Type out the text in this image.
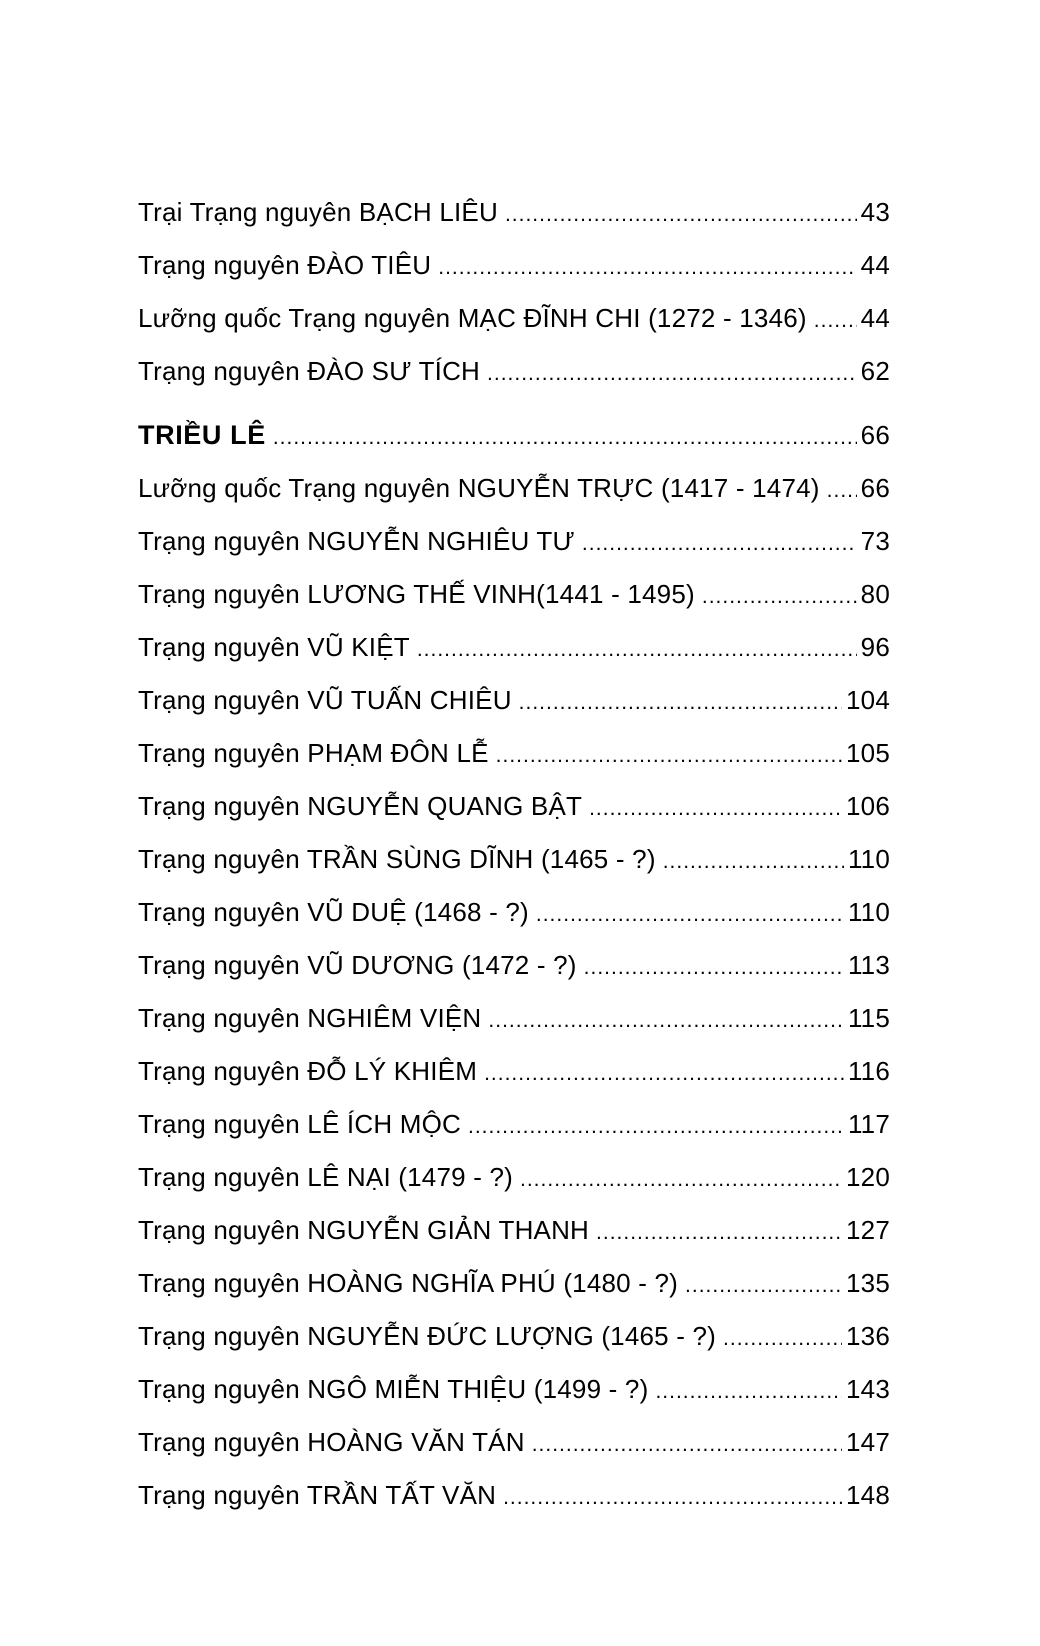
Trại Trạng nguyên BẠCH LIÊU .....	43
Trạng nguyên ĐÀO TIÊU .....	44
Lưỡng quốc Trạng nguyên MẠC ĐĨNH CHI (1272 - 1346) ..... 44
Trạng nguyên ĐÀO SƯ TÍCH .....	62
TRIỀU LÊ .....	66
Lưỡng quốc Trạng nguyên NGUYỄN TRỰC (1417 - 1474) ..... 66
Trạng nguyên NGUYỄN NGHIÊU TƯ .....	73
Trạng nguyên LƯƠNG THẾ VINH(1441 - 1495) .....	80
Trạng nguyên VŨ KIỆT .....	96
Trạng nguyên VŨ TUẤN CHIÊU .....	104
Trạng nguyên PHẠM ĐÔN LỄ .....	105
Trạng nguyên NGUYỄN QUANG BẬT .....	106
Trạng nguyên TRẦN SÙNG DĨNH (1465 - ?) .....	110
Trạng nguyên VŨ DUỆ (1468 - ?) .....	110
Trạng nguyên VŨ DƯƠNG (1472 - ?) .....	113
Trạng nguyên NGHIÊM VIỆN .....	115
Trạng nguyên ĐỖ LÝ KHIÊM .....	116
Trạng nguyên LÊ ÍCH MỘC .....	117
Trạng nguyên LÊ NẠI (1479 - ?) .....	120
Trạng nguyên NGUYỄN GIẢN THANH .....	127
Trạng nguyên HOÀNG NGHĨA PHÚ (1480 - ?) .....	135
Trạng nguyên NGUYỄN ĐỨC LƯỢNG (1465 - ?) .....	136
Trạng nguyên NGÔ MIỄN THIỆU (1499 - ?) .....	143
Trạng nguyên HOÀNG VĂN TÁN .....	147
Trạng nguyên TRẦN TẤT VĂN .....	148
